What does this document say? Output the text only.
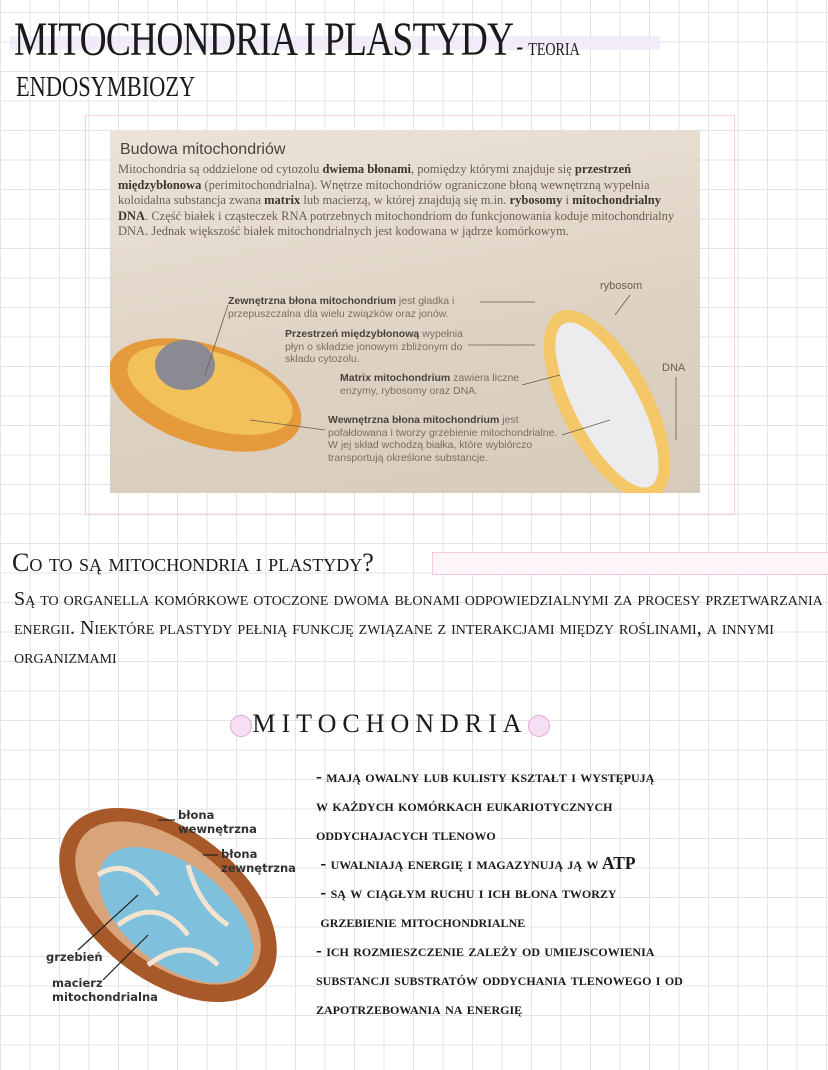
MITOCHONDRIA I PLASTYDY - teoria
ENDOSYMBIOZY
Budowa mitochondriów
Mitochondria są oddzielone od cytozolu dwiema błonami, pomiędzy którymi znajduje się przestrzeń międzybłonowa (perimitochondrialna). Wnętrze mitochondriów ograniczone błoną wewnętrzną wypełnia koloidalna substancja zwana matrix lub macierzą, w której znajdują się m.in. rybosomy i mitochondrialny DNA. Część białek i cząsteczek RNA potrzebnych mitochondriom do funkcjonowania koduje mitochondrialny DNA. Jednak większość białek mitochondrialnych jest kodowana w jądrze komórkowym.
Zewnętrzna błona mitochondrium jest gładka i przepuszczalna dla wielu związków oraz jonów.
Przestrzeń międzybłonową wypełnia płyn o składzie jonowym zbliżonym do składu cytozolu.
Matrix mitochondrium zawiera liczne enzymy, rybosomy oraz DNA.
Wewnętrzna błona mitochondrium jest pofałdowana i tworzy grzebienie mitochondrialne. W jej skład wchodzą białka, które wybiórczo transportują określone substancje.
rybosom
DNA
Co to są mitochondria i plastydy?
Są to organella komórkowe otoczone dwoma błonami odpowiedzialnymi za procesy przetwarzania energii. Niektóre plastydy pełnią funkcję związane z interakcjami między roślinami, a innymi organizmami
MITOCHONDRIA
błona
wewnętrzna
błona
zewnętrzna
grzebień
macierz
mitochondrialna
- mają owalny lub kulisty kształt i występują
w każdych komórkach eukariotycznych
oddychajacych tlenowo
- uwalniają energię i magazynują ją w ATP
- są w ciągłym ruchu i ich błona tworzy
grzebienie mitochondrialne
- ich rozmieszczenie zależy od umiejscowienia
substancji substratów oddychania tlenowego i od
zapotrzebowania na energię
